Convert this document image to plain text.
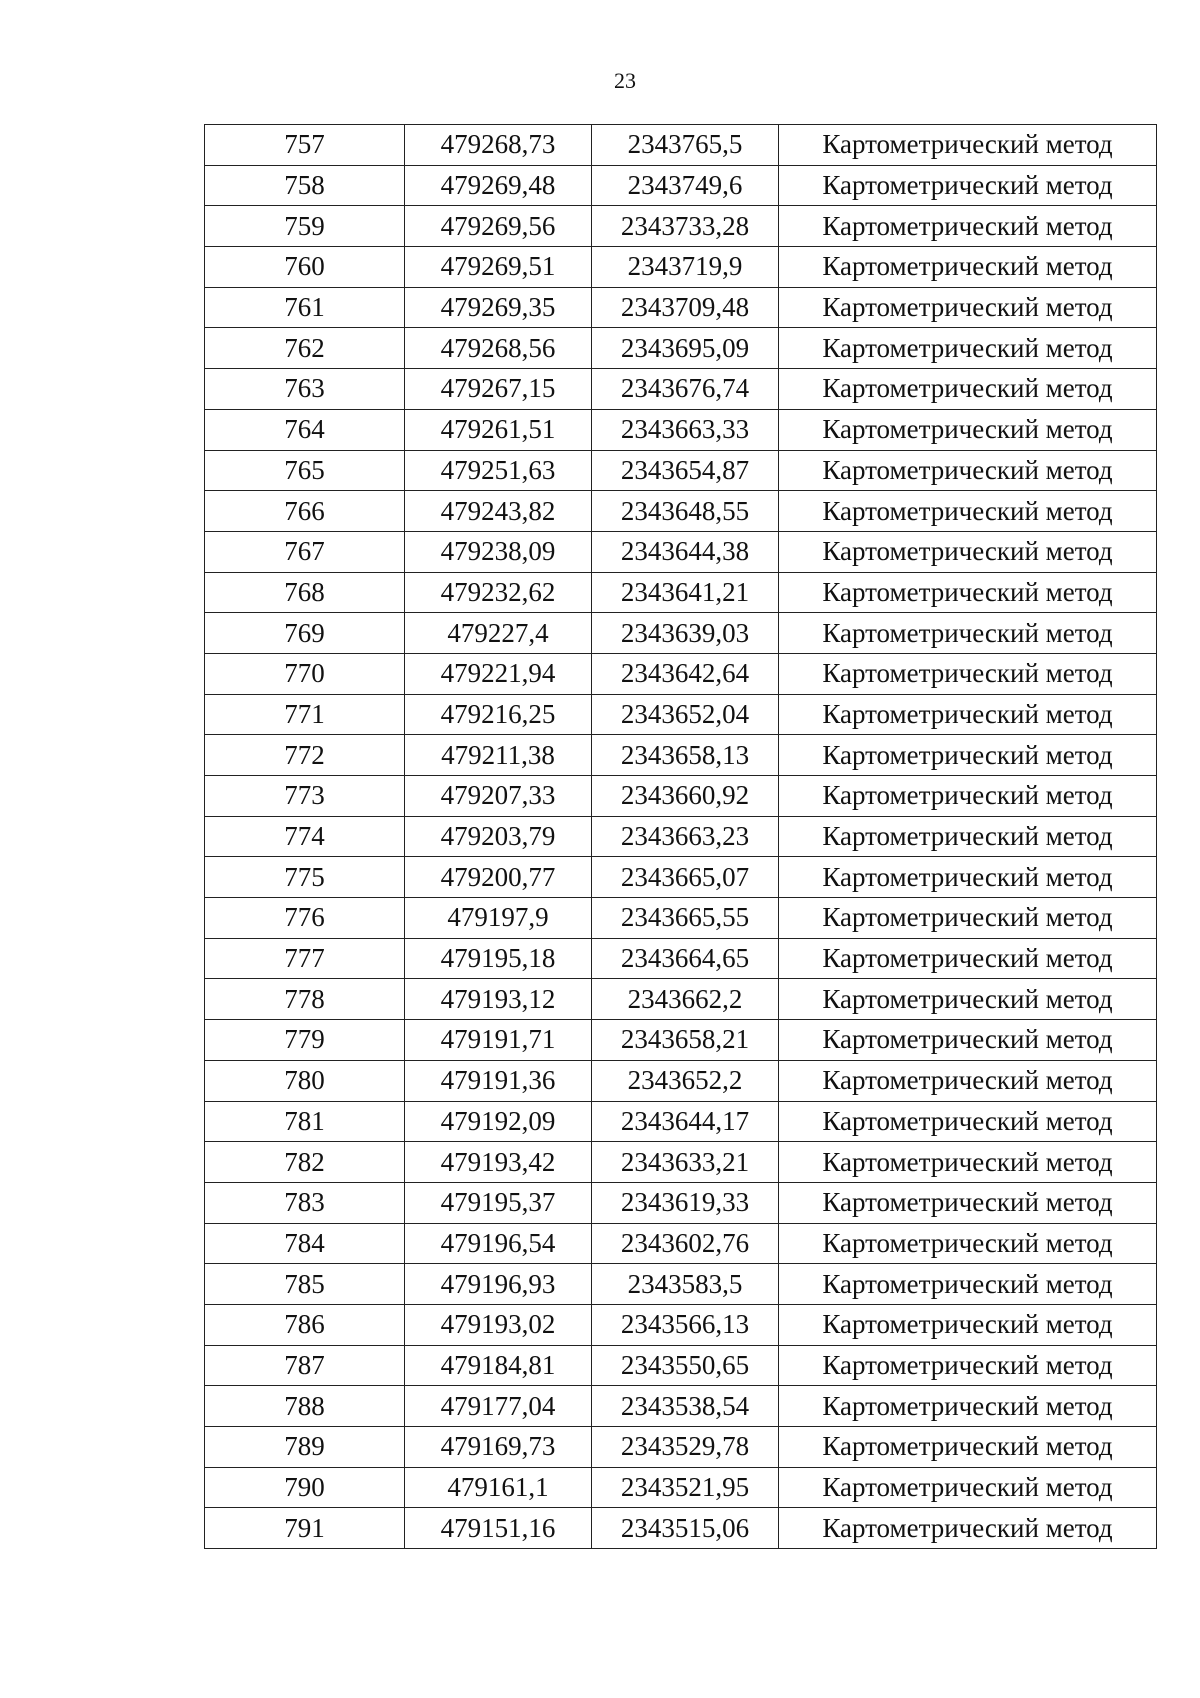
23
757	479268,73	2343765,5	Картометрический метод
758	479269,48	2343749,6	Картометрический метод
759	479269,56	2343733,28	Картометрический метод
760	479269,51	2343719,9	Картометрический метод
761	479269,35	2343709,48	Картометрический метод
762	479268,56	2343695,09	Картометрический метод
763	479267,15	2343676,74	Картометрический метод
764	479261,51	2343663,33	Картометрический метод
765	479251,63	2343654,87	Картометрический метод
766	479243,82	2343648,55	Картометрический метод
767	479238,09	2343644,38	Картометрический метод
768	479232,62	2343641,21	Картометрический метод
769	479227,4	2343639,03	Картометрический метод
770	479221,94	2343642,64	Картометрический метод
771	479216,25	2343652,04	Картометрический метод
772	479211,38	2343658,13	Картометрический метод
773	479207,33	2343660,92	Картометрический метод
774	479203,79	2343663,23	Картометрический метод
775	479200,77	2343665,07	Картометрический метод
776	479197,9	2343665,55	Картометрический метод
777	479195,18	2343664,65	Картометрический метод
778	479193,12	2343662,2	Картометрический метод
779	479191,71	2343658,21	Картометрический метод
780	479191,36	2343652,2	Картометрический метод
781	479192,09	2343644,17	Картометрический метод
782	479193,42	2343633,21	Картометрический метод
783	479195,37	2343619,33	Картометрический метод
784	479196,54	2343602,76	Картометрический метод
785	479196,93	2343583,5	Картометрический метод
786	479193,02	2343566,13	Картометрический метод
787	479184,81	2343550,65	Картометрический метод
788	479177,04	2343538,54	Картометрический метод
789	479169,73	2343529,78	Картометрический метод
790	479161,1	2343521,95	Картометрический метод
791	479151,16	2343515,06	Картометрический метод
